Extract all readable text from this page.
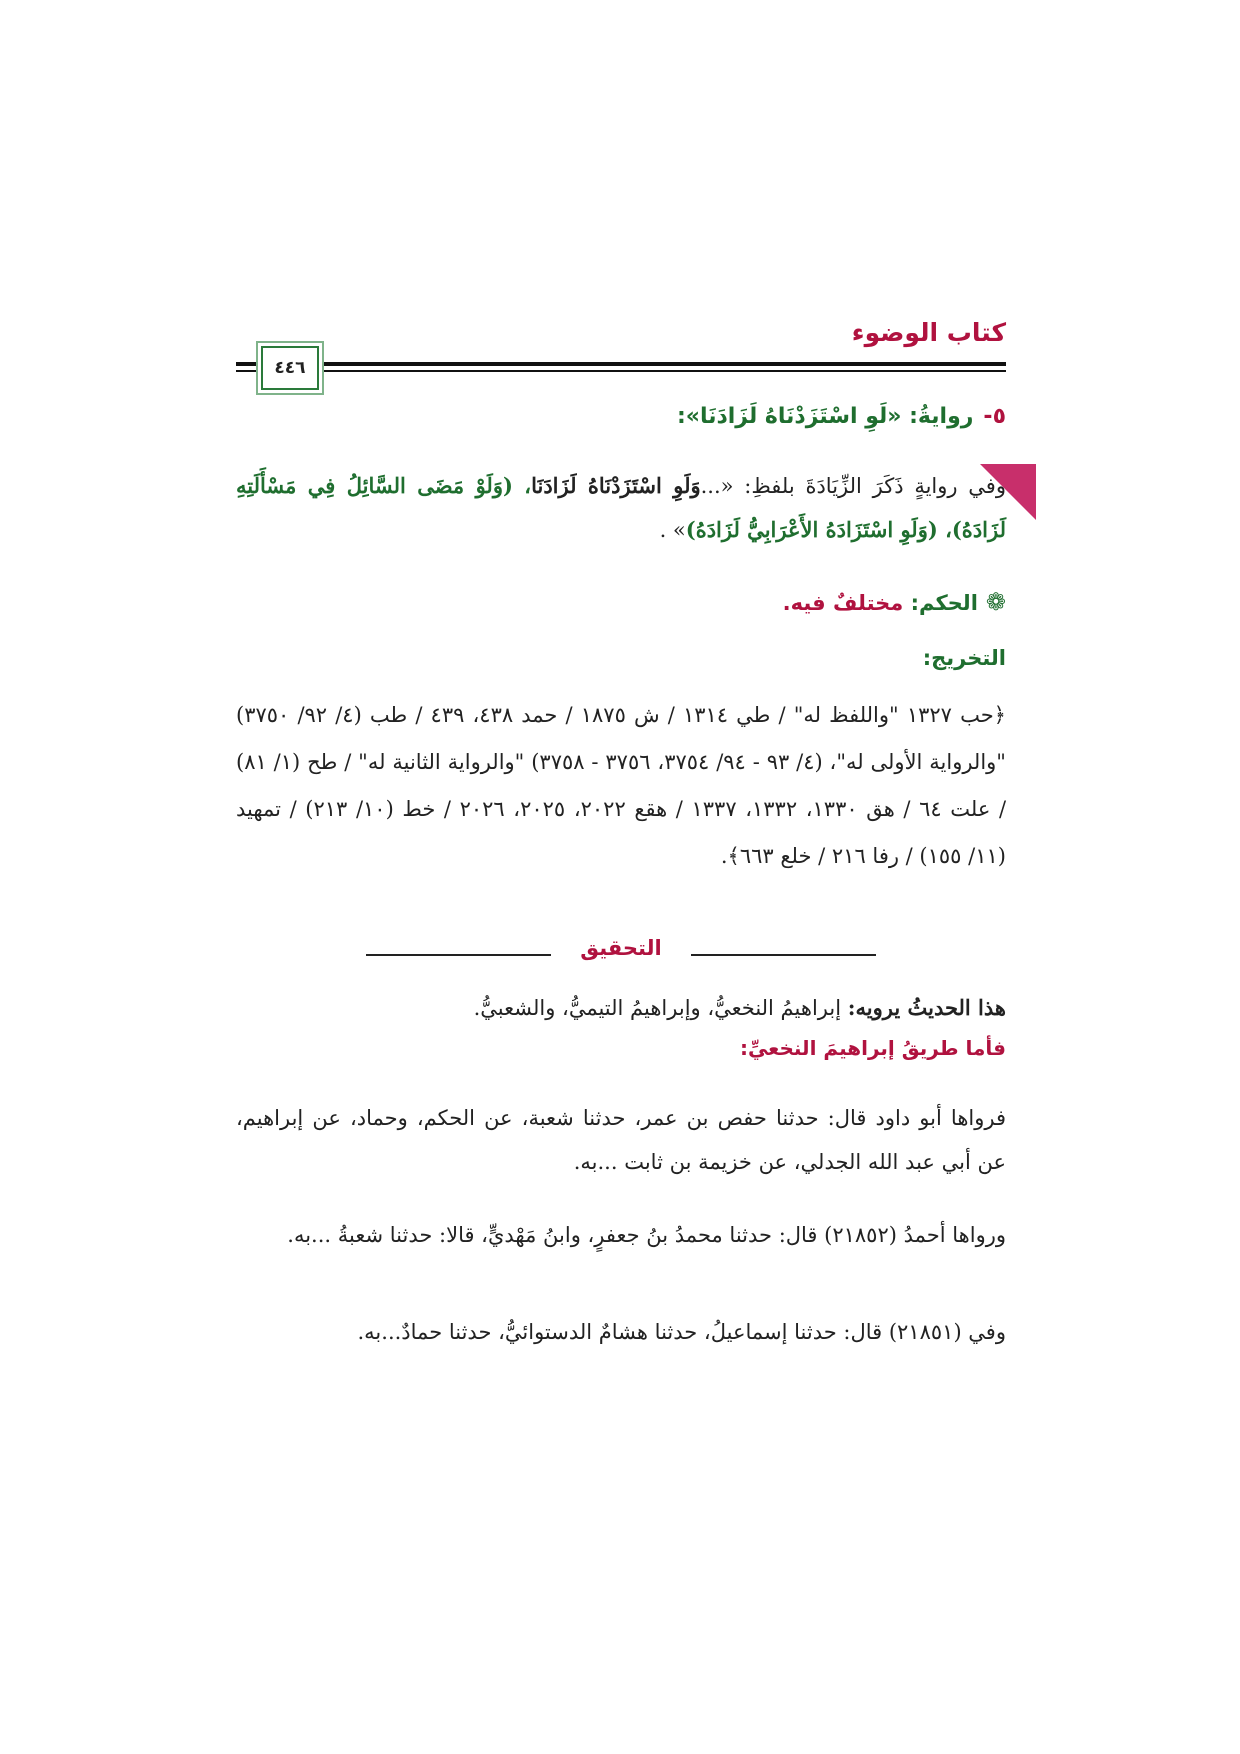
كتاب الوضوء
٤٤٦
٥-روايةُ: «لَوِ اسْتَزَدْنَاهُ لَزَادَنَا»:
وفي روايةٍ ذَكَرَ الزِّيَادَةَ بلفظِ: «...وَلَوِ اسْتَزَدْنَاهُ لَزَادَنَا، (وَلَوْ مَضَى السَّائِلُ فِي مَسْأَلَتِهِ لَزَادَهُ)، (وَلَوِ اسْتَزَادَهُ الأَعْرَابِيُّ لَزَادَهُ)» .
❁الحكم: مختلفٌ فيه.
التخريج:
﴿حب ١٣٢٧ "واللفظ له" / طي ١٣١٤ / ش ١٨٧٥ / حمد ٤٣٨، ٤٣٩ / طب (٤/ ٩٢/ ٣٧٥٠) "والرواية الأولى له"، (٤/ ٩٣ - ٩٤/ ٣٧٥٤، ٣٧٥٦ - ٣٧٥٨) "والرواية الثانية له" / طح (١/ ٨١) / علت ٦٤ / هق ١٣٣٠، ١٣٣٢، ١٣٣٧ / هقع ٢٠٢٢، ٢٠٢٥، ٢٠٢٦ / خط (١٠/ ٢١٣) / تمهيد (١١/ ١٥٥) / رفا ٢١٦ / خلع ٦٦٣﴾.
التحقيق
هذا الحديثُ يرويه: إبراهيمُ النخعيُّ، وإبراهيمُ التيميُّ، والشعبيُّ.
فأما طريقُ إبراهيمَ النخعيِّ:
فرواها أبو داود قال: حدثنا حفص بن عمر، حدثنا شعبة، عن الحكم، وحماد، عن إبراهيم، عن أبي عبد الله الجدلي، عن خزيمة بن ثابت ...به.
ورواها أحمدُ (٢١٨٥٢) قال: حدثنا محمدُ بنُ جعفرٍ، وابنُ مَهْديٍّ، قالا: حدثنا شعبةُ ...به.
وفي (٢١٨٥١) قال: حدثنا إسماعيلُ، حدثنا هشامٌ الدستوائيُّ، حدثنا حمادٌ...به.
